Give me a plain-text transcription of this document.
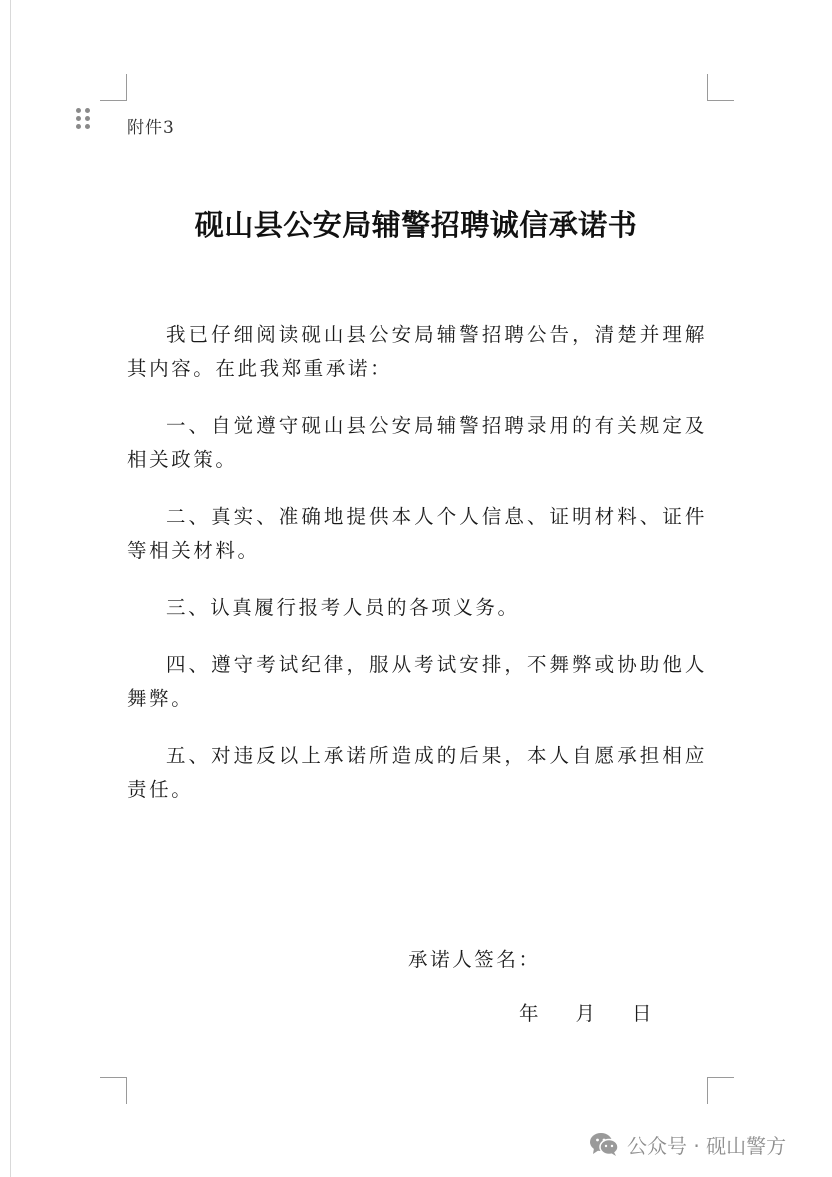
附件3
砚山县公安局辅警招聘诚信承诺书

我已仔细阅读砚山县公安局辅警招聘公告，清楚并理解其内容。在此我郑重承诺：

一、自觉遵守砚山县公安局辅警招聘录用的有关规定及相关政策。

二、真实、准确地提供本人个人信息、证明材料、证件等相关材料。

三、认真履行报考人员的各项义务。

四、遵守考试纪律，服从考试安排，不舞弊或协助他人舞弊。

五、对违反以上承诺所造成的后果，本人自愿承担相应责任。

承诺人签名：
年 月 日
公众号 · 砚山警方
